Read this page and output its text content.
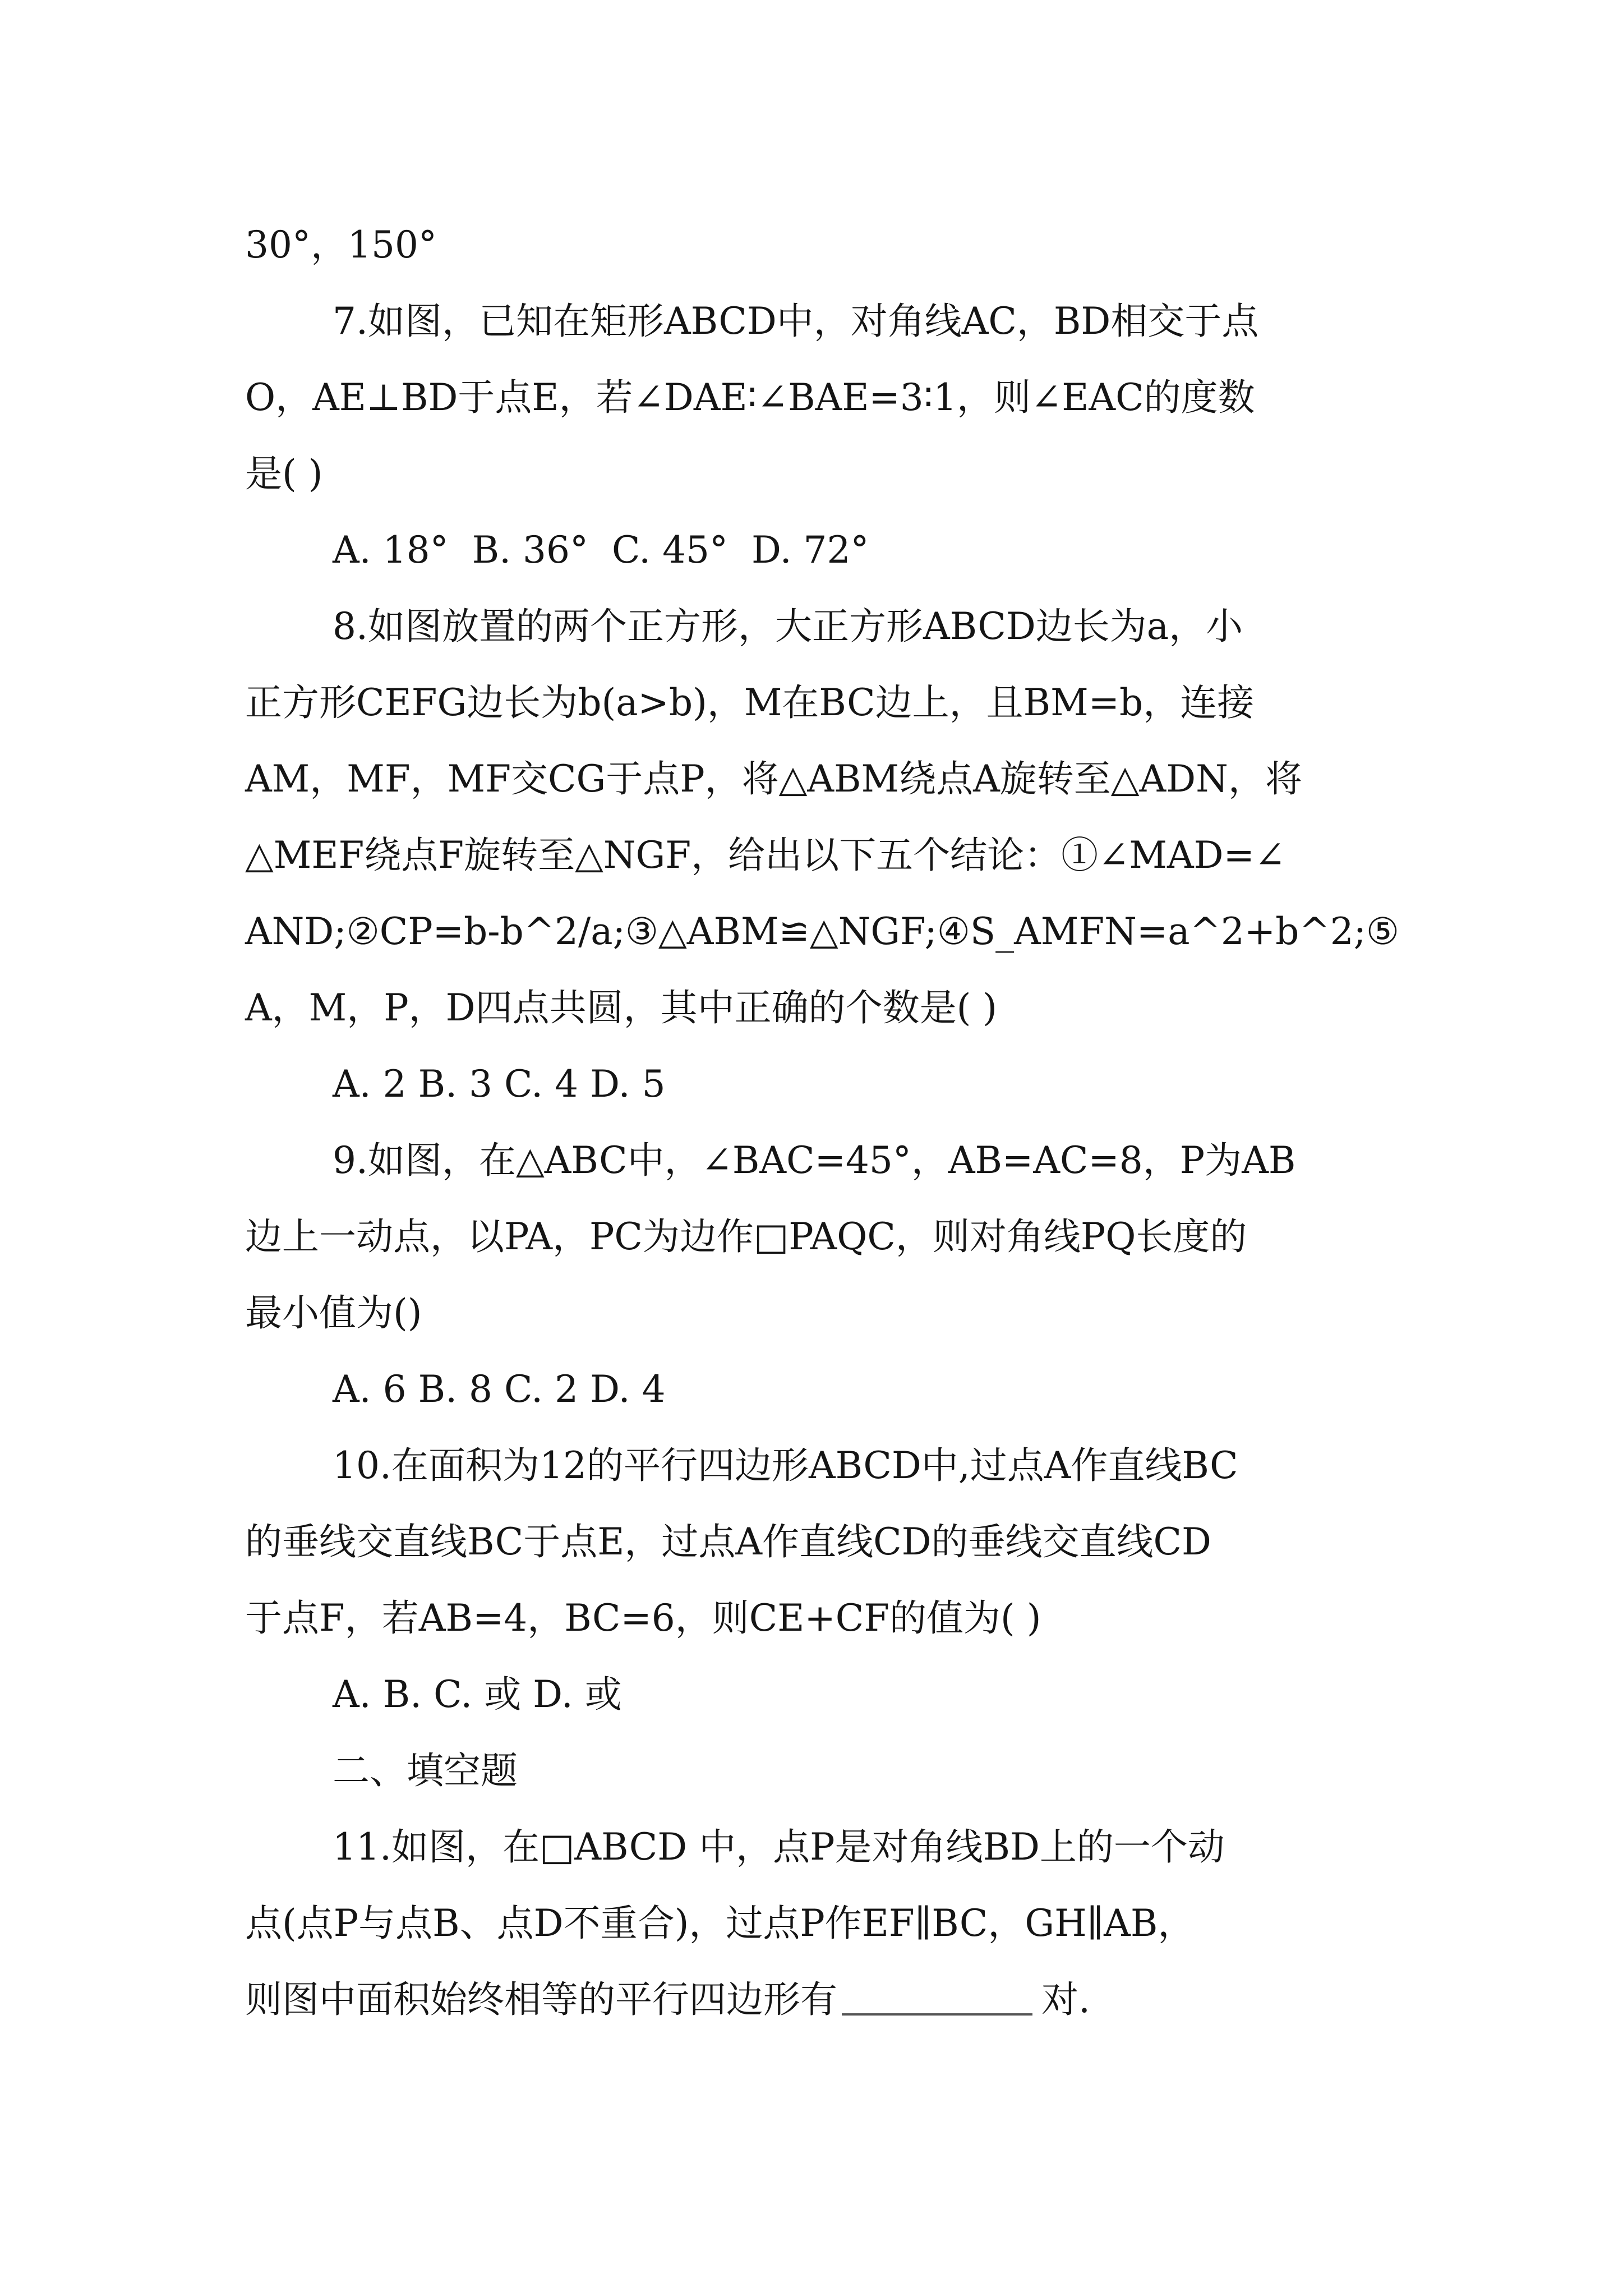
30°，150°
7.如图，已知在矩形ABCD中，对角线AC，BD相交于点
O，AE⊥BD于点E，若∠DAE∶∠BAE=3∶1，则∠EAC的度数
是( )
A. 18°  B. 36°  C. 45°  D. 72°
8.如图放置的两个正方形，大正方形ABCD边长为a，小
正方形CEFG边长为b(a>b)，M在BC边上，且BM=b，连接
AM，MF，MF交CG于点P，将△ABM绕点A旋转至△ADN，将
△MEF绕点F旋转至△NGF，给出以下五个结论：①∠MAD=∠
AND;②CP=b-b^2/a;③△ABM≌△NGF;④S_AMFN=a^2+b^2;⑤
A，M，P，D四点共圆，其中正确的个数是( )
A. 2 B. 3 C. 4 D. 5
9.如图，在△ABC中，∠BAC=45°，AB=AC=8，P为AB
边上一动点，以PA，PC为边作□PAQC，则对角线PQ长度的
最小值为()
A. 6 B. 8 C. 2 D. 4
10.在面积为12的平行四边形ABCD中,过点A作直线BC
的垂线交直线BC于点E，过点A作直线CD的垂线交直线CD
于点F，若AB=4，BC=6，则CE+CF的值为( )
A. B. C. 或 D. 或
二、填空题
11.如图，在□ABCD 中，点P是对角线BD上的一个动
点(点P与点B、点D不重合)，过点P作EF∥BC，GH∥AB，
则图中面积始终相等的平行四边形有	对.
